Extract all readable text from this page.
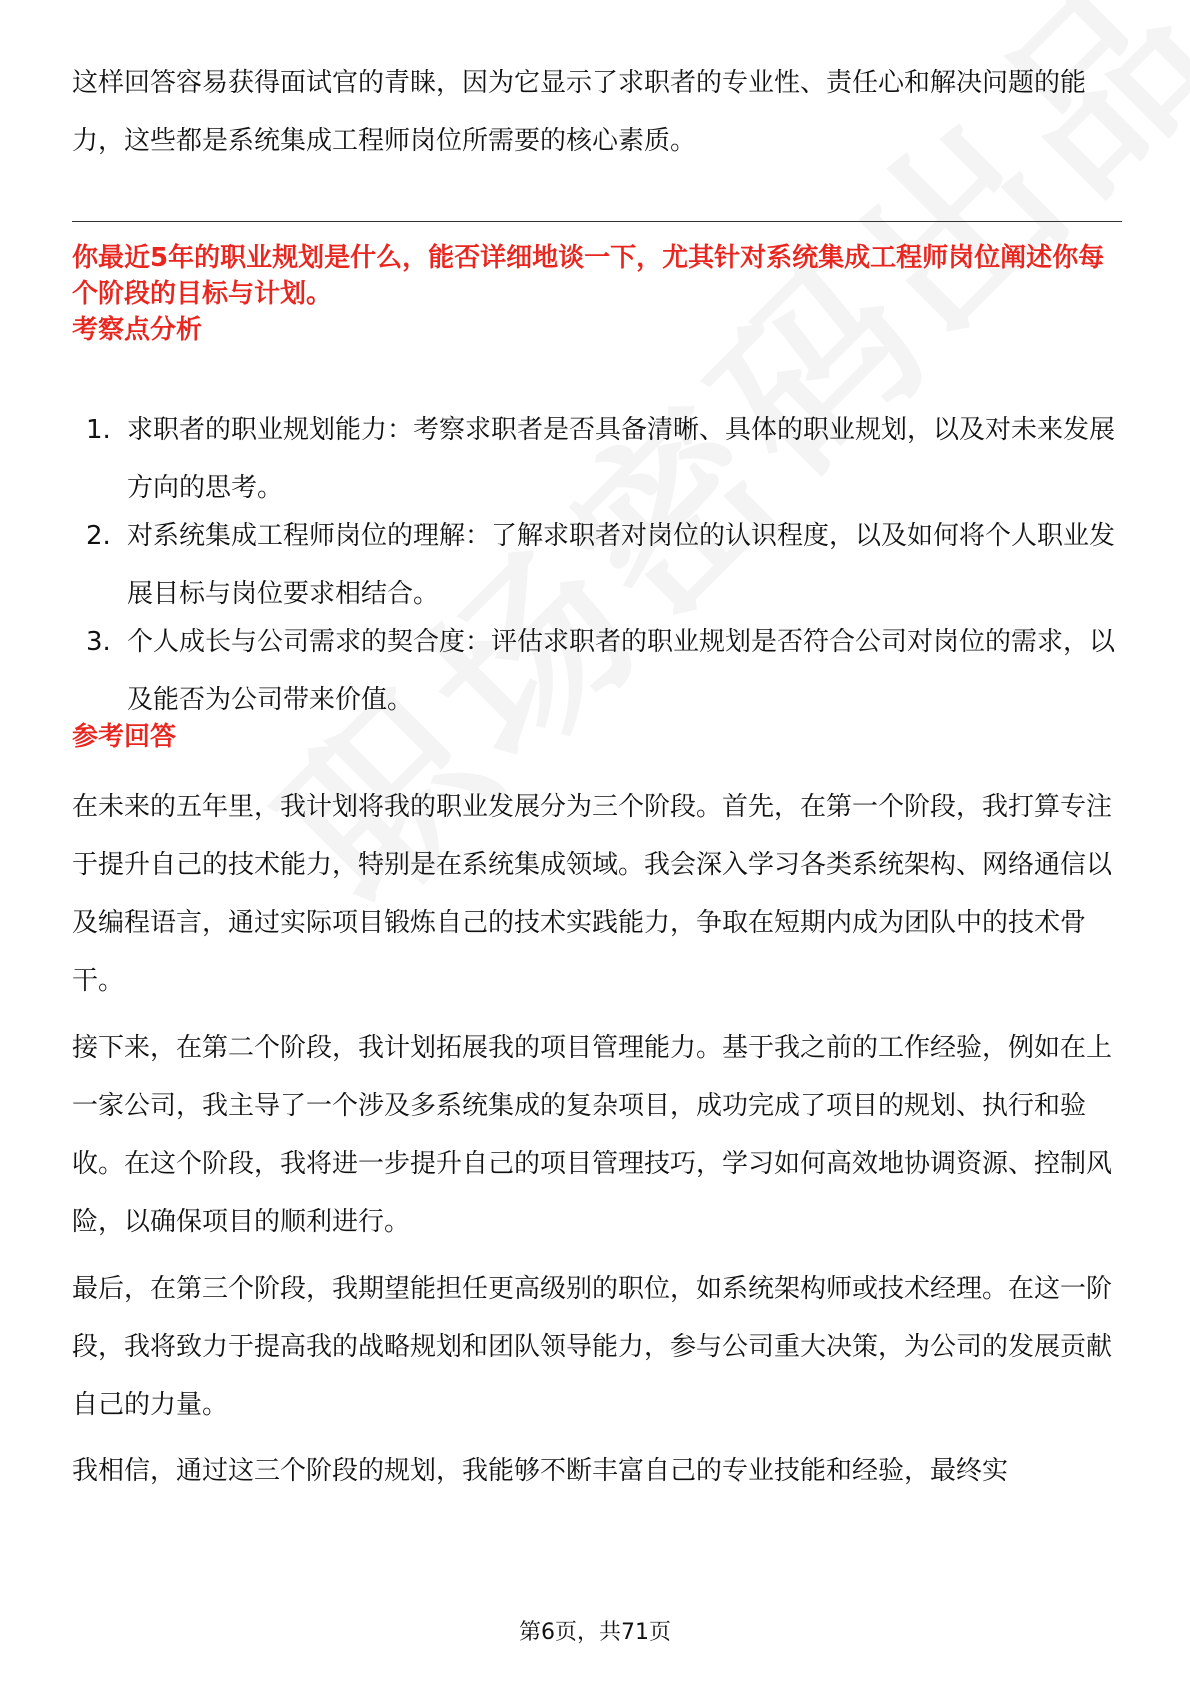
这样回答容易获得面试官的青睐，因为它显示了求职者的专业性、责任心和解决问题的能力，这些都是系统集成工程师岗位所需要的核心素质。

你最近5年的职业规划是什么，能否详细地谈一下，尤其针对系统集成工程师岗位阐述你每个阶段的目标与计划。

考察点分析
1. 求职者的职业规划能力：考察求职者是否具备清晰、具体的职业规划，以及对未来发展方向的思考。
2. 对系统集成工程师岗位的理解：了解求职者对岗位的认识程度，以及如何将个人职业发展目标与岗位要求相结合。
3. 个人成长与公司需求的契合度：评估求职者的职业规划是否符合公司对岗位的需求，以及能否为公司带来价值。
参考回答

在未来的五年里，我计划将我的职业发展分为三个阶段。首先，在第一个阶段，我打算专注于提升自己的技术能力，特别是在系统集成领域。我会深入学习各类系统架构、网络通信以及编程语言，通过实际项目锻炼自己的技术实践能力，争取在短期内成为团队中的技术骨干。

接下来，在第二个阶段，我计划拓展我的项目管理能力。基于我之前的工作经验，例如在上一家公司，我主导了一个涉及多系统集成的复杂项目，成功完成了项目的规划、执行和验收。在这个阶段，我将进一步提升自己的项目管理技巧，学习如何高效地协调资源、控制风险，以确保项目的顺利进行。

最后，在第三个阶段，我期望能担任更高级别的职位，如系统架构师或技术经理。在这一阶段，我将致力于提高我的战略规划和团队领导能力，参与公司重大决策，为公司的发展贡献自己的力量。

我相信，通过这三个阶段的规划，我能够不断丰富自己的专业技能和经验，最终实

第6页，共71页
